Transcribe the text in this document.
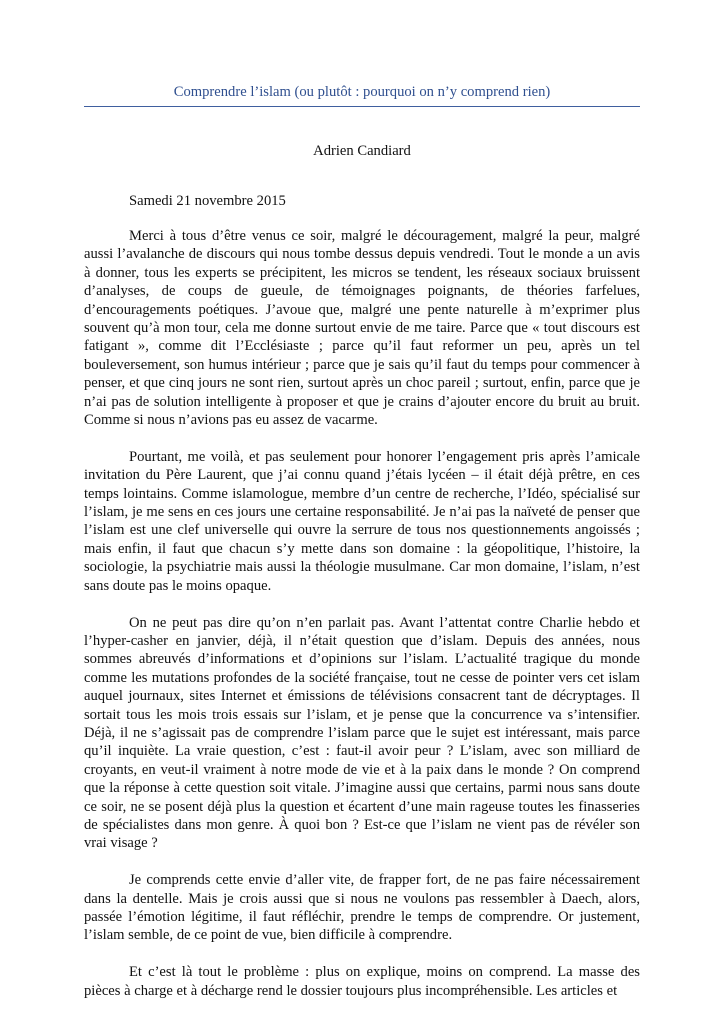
Comprendre l’islam (ou plutôt : pourquoi on n’y comprend rien)
Adrien Candiard
Samedi 21 novembre 2015

Merci à tous d’être venus ce soir, malgré le découragement, malgré la peur, malgré aussi l’avalanche de discours qui nous tombe dessus depuis vendredi. Tout le monde a un avis à donner, tous les experts se précipitent, les micros se tendent, les réseaux sociaux bruissent d’analyses, de coups de gueule, de témoignages poignants, de théories farfelues, d’encouragements poétiques. J’avoue que, malgré une pente naturelle à m’exprimer plus souvent qu’à mon tour, cela me donne surtout envie de me taire. Parce que « tout discours est fatigant », comme dit l’Ecclésiaste ; parce qu’il faut reformer un peu, après un tel bouleversement, son humus intérieur ; parce que je sais qu’il faut du temps pour commencer à penser, et que cinq jours ne sont rien, surtout après un choc pareil ; surtout, enfin, parce que je n’ai pas de solution intelligente à proposer et que je crains d’ajouter encore du bruit au bruit. Comme si nous n’avions pas eu assez de vacarme.

Pourtant, me voilà, et pas seulement pour honorer l’engagement pris après l’amicale invitation du Père Laurent, que j’ai connu quand j’étais lycéen – il était déjà prêtre, en ces temps lointains. Comme islamologue, membre d’un centre de recherche, l’Idéo, spécialisé sur l’islam, je me sens en ces jours une certaine responsabilité. Je n’ai pas la naïveté de penser que l’islam est une clef universelle qui ouvre la serrure de tous nos questionnements angoissés ; mais enfin, il faut que chacun s’y mette dans son domaine : la géopolitique, l’histoire, la sociologie, la psychiatrie mais aussi la théologie musulmane. Car mon domaine, l’islam, n’est sans doute pas le moins opaque.

On ne peut pas dire qu’on n’en parlait pas. Avant l’attentat contre Charlie hebdo et l’hyper-casher en janvier, déjà, il n’était question que d’islam. Depuis des années, nous sommes abreuvés d’informations et d’opinions sur l’islam. L’actualité tragique du monde comme les mutations profondes de la société française, tout ne cesse de pointer vers cet islam auquel journaux, sites Internet et émissions de télévisions consacrent tant de décryptages. Il sortait tous les mois trois essais sur l’islam, et je pense que la concurrence va s’intensifier. Déjà, il ne s’agissait pas de comprendre l’islam parce que le sujet est intéressant, mais parce qu’il inquiète. La vraie question, c’est : faut-il avoir peur ? L’islam, avec son milliard de croyants, en veut-il vraiment à notre mode de vie et à la paix dans le monde ? On comprend que la réponse à cette question soit vitale. J’imagine aussi que certains, parmi nous sans doute ce soir, ne se posent déjà plus la question et écartent d’une main rageuse toutes les finasseries de spécialistes dans mon genre. À quoi bon ? Est-ce que l’islam ne vient pas de révéler son vrai visage ?

Je comprends cette envie d’aller vite, de frapper fort, de ne pas faire nécessairement dans la dentelle. Mais je crois aussi que si nous ne voulons pas ressembler à Daech, alors, passée l’émotion légitime, il faut réfléchir, prendre le temps de comprendre. Or justement, l’islam semble, de ce point de vue, bien difficile à comprendre.

Et c’est là tout le problème : plus on explique, moins on comprend. La masse des pièces à charge et à décharge rend le dossier toujours plus incompréhensible. Les articles et
